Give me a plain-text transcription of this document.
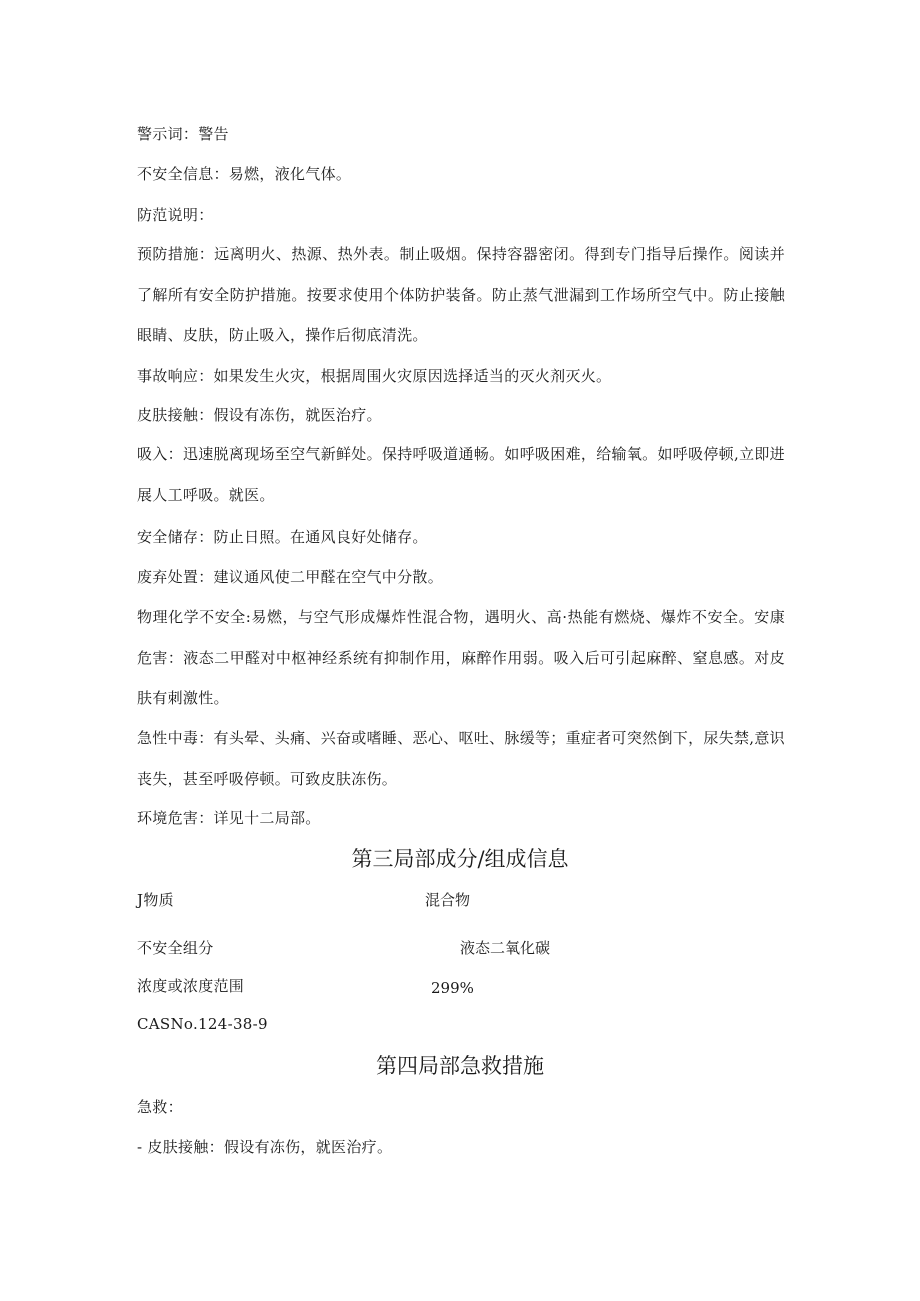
警示词：警告
不安全信息：易燃，液化气体。
防范说明：
预防措施：远离明火、热源、热外表。制止吸烟。保持容器密闭。得到专门指导后操作。阅读并了解所有安全防护措施。按要求使用个体防护装备。防止蒸气泄漏到工作场所空气中。防止接触眼睛、皮肤，防止吸入，操作后彻底清洗。
事故响应：如果发生火灾，根据周围火灾原因选择适当的灭火剂灭火。
皮肤接触：假设有冻伤，就医治疗。
吸入：迅速脱离现场至空气新鲜处。保持呼吸道通畅。如呼吸困难，给输氧。如呼吸停顿,立即进展人工呼吸。就医。
安全储存：防止日照。在通风良好处储存。
废弃处置：建议通风使二甲醛在空气中分散。
物理化学不安全:易燃，与空气形成爆炸性混合物，遇明火、高·热能有燃烧、爆炸不安全。安康危害：液态二甲醛对中枢神经系统有抑制作用，麻醉作用弱。吸入后可引起麻醉、窒息感。对皮肤有刺激性。
急性中毒：有头晕、头痛、兴奋或嗜睡、恶心、呕吐、脉缓等；重症者可突然倒下，尿失禁,意识丧失，甚至呼吸停顿。可致皮肤冻伤。
环境危害：详见十二局部。
第三局部成分/组成信息
J物质	混合物
不安全组分	液态二氧化碳
浓度或浓度范围	299%
CASNo.124-38-9
第四局部急救措施
急救：
- 皮肤接触：假设有冻伤，就医治疗。
